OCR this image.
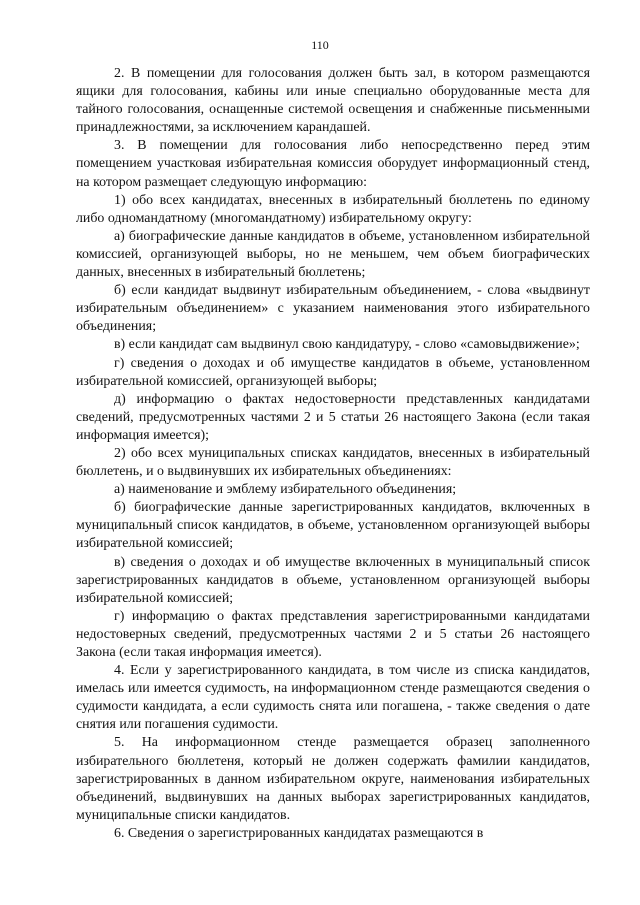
110

2. В помещении для голосования должен быть зал, в котором размещаются ящики для голосования, кабины или иные специально оборудованные места для тайного голосования, оснащенные системой освещения и снабженные письменными принадлежностями, за исключением карандашей.

3. В помещении для голосования либо непосредственно перед этим помещением участковая избирательная комиссия оборудует информационный стенд, на котором размещает следующую информацию:

1) обо всех кандидатах, внесенных в избирательный бюллетень по единому либо одномандатному (многомандатному) избирательному округу:

а) биографические данные кандидатов в объеме, установленном избирательной комиссией, организующей выборы, но не меньшем, чем объем биографических данных, внесенных в избирательный бюллетень;

б) если кандидат выдвинут избирательным объединением, - слова «выдвинут избирательным объединением» с указанием наименования этого избирательного объединения;

в) если кандидат сам выдвинул свою кандидатуру, - слово «самовыдвижение»;

г) сведения о доходах и об имуществе кандидатов в объеме, установленном избирательной комиссией, организующей выборы;

д) информацию о фактах недостоверности представленных кандидатами сведений, предусмотренных частями 2 и 5 статьи 26 настоящего Закона (если такая информация имеется);

2) обо всех муниципальных списках кандидатов, внесенных в избирательный бюллетень, и о выдвинувших их избирательных объединениях:

а) наименование и эмблему избирательного объединения;

б) биографические данные зарегистрированных кандидатов, включенных в муниципальный список кандидатов, в объеме, установленном организующей выборы избирательной комиссией;

в) сведения о доходах и об имуществе включенных в муниципальный список зарегистрированных кандидатов в объеме, установленном организующей выборы избирательной комиссией;

г) информацию о фактах представления зарегистрированными кандидатами недостоверных сведений, предусмотренных частями 2 и 5 статьи 26 настоящего Закона (если такая информация имеется).

4. Если у зарегистрированного кандидата, в том числе из списка кандидатов, имелась или имеется судимость, на информационном стенде размещаются сведения о судимости кандидата, а если судимость снята или погашена, - также сведения о дате снятия или погашения судимости.

5. На информационном стенде размещается образец заполненного избирательного бюллетеня, который не должен содержать фамилии кандидатов, зарегистрированных в данном избирательном округе, наименования избирательных объединений, выдвинувших на данных выборах зарегистрированных кандидатов, муниципальные списки кандидатов.

6. Сведения о зарегистрированных кандидатах размещаются в
